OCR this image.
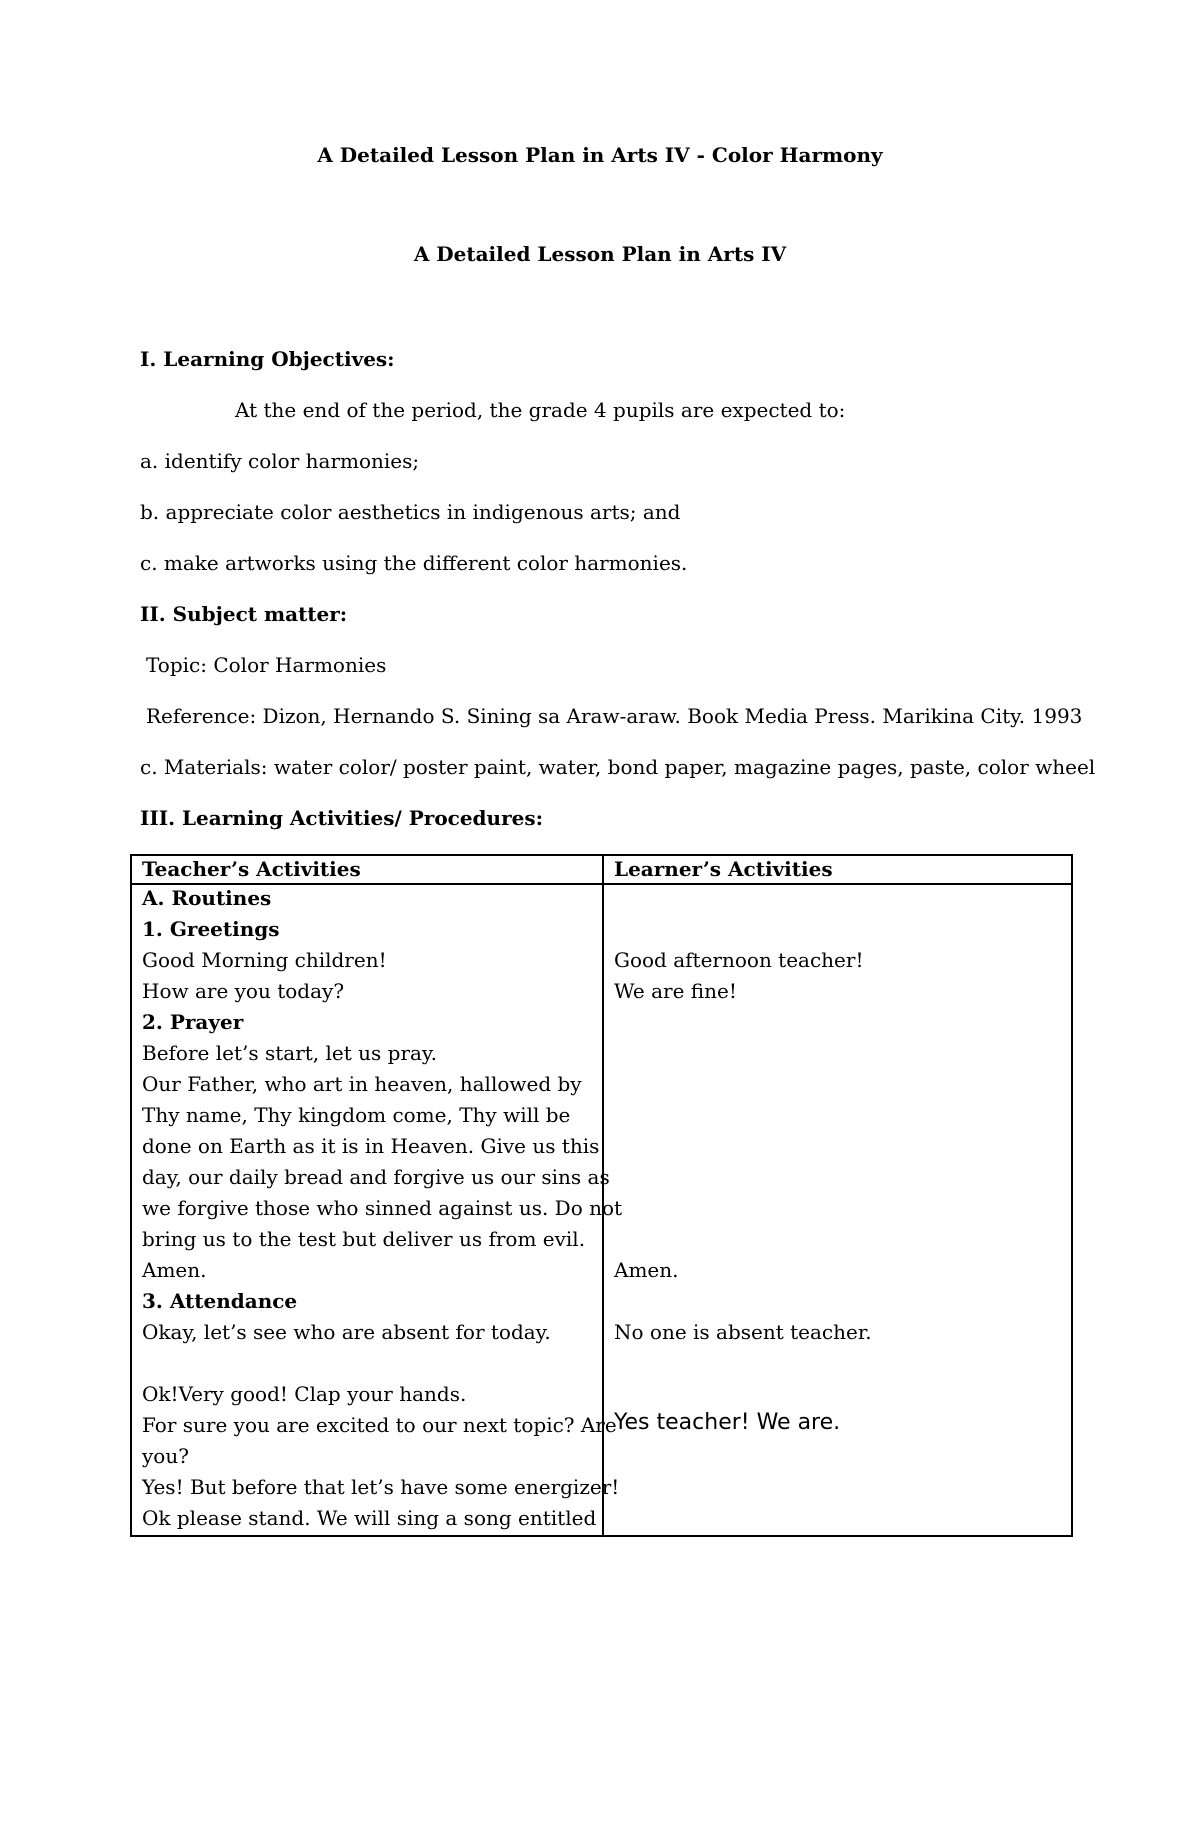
A Detailed Lesson Plan in Arts IV - Color Harmony
A Detailed Lesson Plan in Arts IV
I. Learning Objectives:
At the end of the period, the grade 4 pupils are expected to:
a. identify color harmonies;
b. appreciate color aesthetics in indigenous arts; and
c. make artworks using the different color harmonies.
II. Subject matter:
Topic: Color Harmonies
Reference: Dizon, Hernando S. Sining sa Araw-araw. Book Media Press. Marikina City. 1993
c. Materials: water color/ poster paint, water, bond paper, magazine pages, paste, color wheel
III. Learning Activities/ Procedures:
Teacher’s Activities	Learner’s Activities
A. Routines
1. Greetings
Good Morning children!
How are you today?
2. Prayer
Before let’s start, let us pray.
Our Father, who art in heaven, hallowed by
Thy name, Thy kingdom come, Thy will be
done on Earth as it is in Heaven. Give us this
day, our daily bread and forgive us our sins as
we forgive those who sinned against us. Do not
bring us to the test but deliver us from evil.
Amen.
3. Attendance
Okay, let’s see who are absent for today.
Ok!Very good! Clap your hands.
For sure you are excited to our next topic? Are
you?
Yes! But before that let’s have some energizer!
Ok please stand. We will sing a song entitled
Good afternoon teacher!
We are fine!
Amen.
No one is absent teacher.
Yes teacher! We are.
